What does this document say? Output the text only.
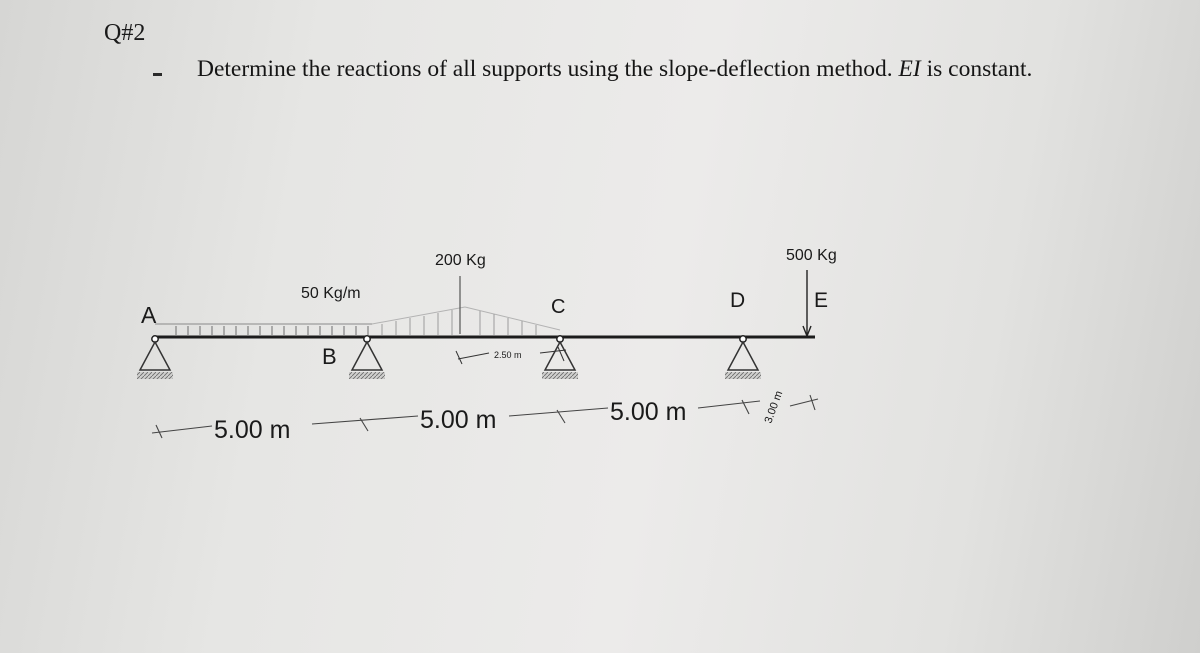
Q#2
Determine the reactions of all supports using the slope-deflection method. EI is constant.
A
B
C	D	E
50 Kg/m
200 Kg	500 Kg
2.50 m
5.00 m	5.00 m	5.00 m	3.00 m
